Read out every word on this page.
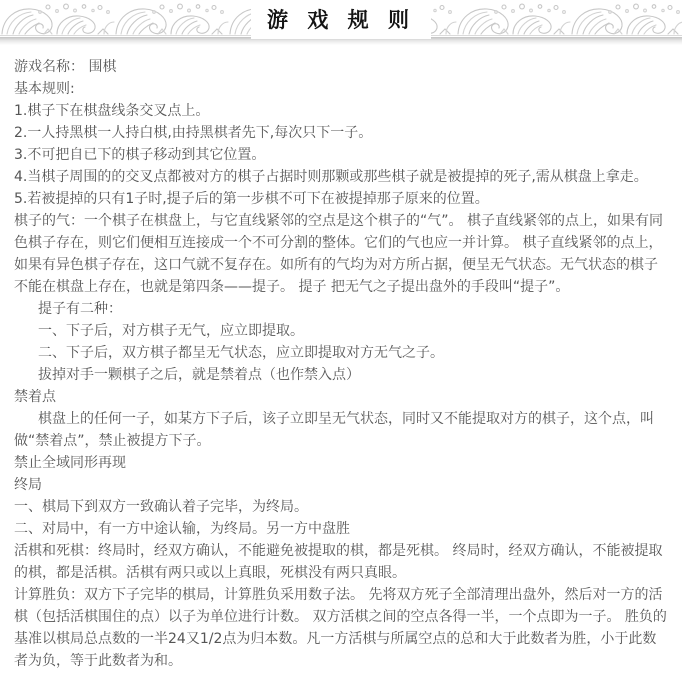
游 戏 规 则

游戏名称： 围棋

基本规则:

1.棋子下在棋盘线条交叉点上。

2.一人持黑棋一人持白棋,由持黑棋者先下,每次只下一子。

3.不可把自已下的棋子移动到其它位置。

4.当棋子周围的的交叉点都被对方的棋子占据时则那颗或那些棋子就是被提掉的死子,需从棋盘上拿走。

5.若被提掉的只有1子时,提子后的第一步棋不可下在被提掉那子原来的位置。

棋子的气：一个棋子在棋盘上，与它直线紧邻的空点是这个棋子的“气”。 棋子直线紧邻的点上，如果有同色棋子存在，则它们便相互连接成一个不可分割的整体。它们的气也应一并计算。 棋子直线紧邻的点上，如果有异色棋子存在，这口气就不复存在。如所有的气均为对方所占据，便呈无气状态。无气状态的棋子不能在棋盘上存在，也就是第四条——提子。 提子 把无气之子提出盘外的手段叫“提子”。

提子有二种：

一、下子后，对方棋子无气，应立即提取。

二、下子后，双方棋子都呈无气状态，应立即提取对方无气之子。

拔掉对手一颗棋子之后，就是禁着点（也作禁入点）

禁着点

棋盘上的任何一子，如某方下子后，该子立即呈无气状态，同时又不能提取对方的棋子，这个点，叫做“禁着点”，禁止被提方下子。

禁止全域同形再现

终局

一、棋局下到双方一致确认着子完毕，为终局。

二、对局中，有一方中途认输，为终局。另一方中盘胜

活棋和死棋：终局时，经双方确认，不能避免被提取的棋，都是死棋。 终局时，经双方确认，不能被提取的棋，都是活棋。活棋有两只或以上真眼，死棋没有两只真眼。

计算胜负：双方下子完毕的棋局，计算胜负采用数子法。 先将双方死子全部清理出盘外，然后对一方的活棋（包括活棋围住的点）以子为单位进行计数。 双方活棋之间的空点各得一半，一个点即为一子。 胜负的基准以棋局总点数的一半24又1/2点为归本数。凡一方活棋与所属空点的总和大于此数者为胜，小于此数者为负，等于此数者为和。
